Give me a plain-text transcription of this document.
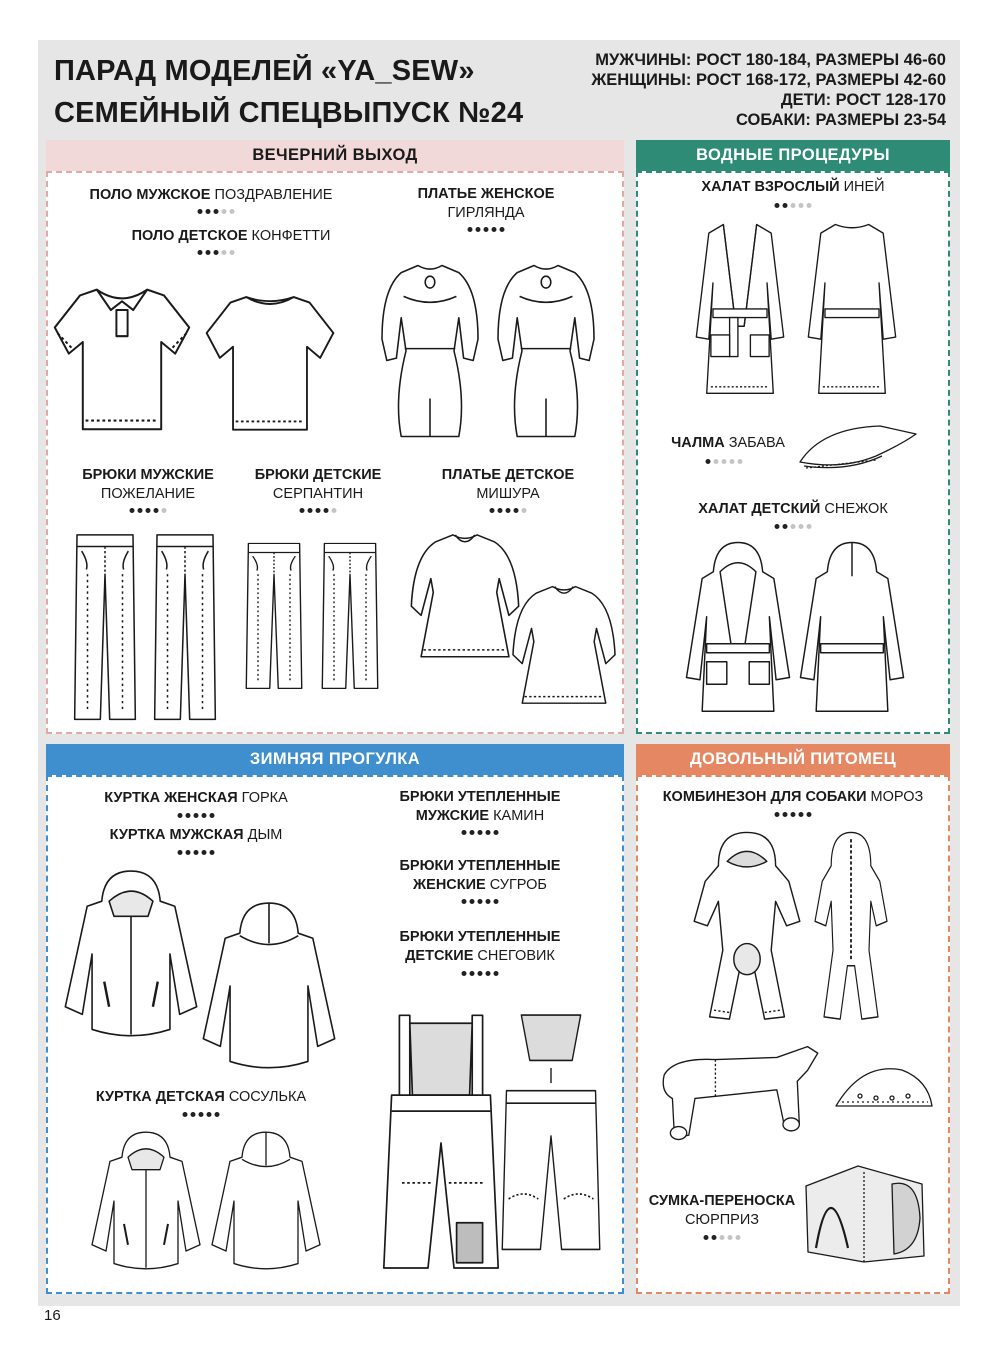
ПАРАД МОДЕЛЕЙ «YA_SEW»
СЕМЕЙНЫЙ СПЕЦВЫПУСК №24
МУЖЧИНЫ: РОСТ 180-184, РАЗМЕРЫ 46-60
ЖЕНЩИНЫ: РОСТ 168-172, РАЗМЕРЫ 42-60
ДЕТИ: РОСТ 128-170
СОБАКИ: РАЗМЕРЫ 23-54
ВЕЧЕРНИЙ ВЫХОД
ПОЛО МУЖСКОЕ ПОЗДРАВЛЕНИЕ
ПОЛО ДЕТСКОЕ КОНФЕТТИ
ПЛАТЬЕ ЖЕНСКОЕ
ГИРЛЯНДА
БРЮКИ МУЖСКИЕ
ПОЖЕЛАНИЕ
БРЮКИ ДЕТСКИЕ
СЕРПАНТИН
ПЛАТЬЕ ДЕТСКОЕ
МИШУРА
ВОДНЫЕ ПРОЦЕДУРЫ
ХАЛАТ ВЗРОСЛЫЙ ИНЕЙ
ЧАЛМА ЗАБАВА
ХАЛАТ ДЕТСКИЙ СНЕЖОК
ЗИМНЯЯ ПРОГУЛКА
КУРТКА ЖЕНСКАЯ ГОРКА
КУРТКА МУЖСКАЯ ДЫМ
КУРТКА ДЕТСКАЯ СОСУЛЬКА
БРЮКИ УТЕПЛЕННЫЕ
МУЖСКИЕ КАМИН
БРЮКИ УТЕПЛЕННЫЕ
ЖЕНСКИЕ СУГРОБ
БРЮКИ УТЕПЛЕННЫЕ
ДЕТСКИЕ СНЕГОВИК
ДОВОЛЬНЫЙ ПИТОМЕЦ
КОМБИНЕЗОН ДЛЯ СОБАКИ МОРОЗ
СУМКА-ПЕРЕНОСКА
СЮРПРИЗ
16
